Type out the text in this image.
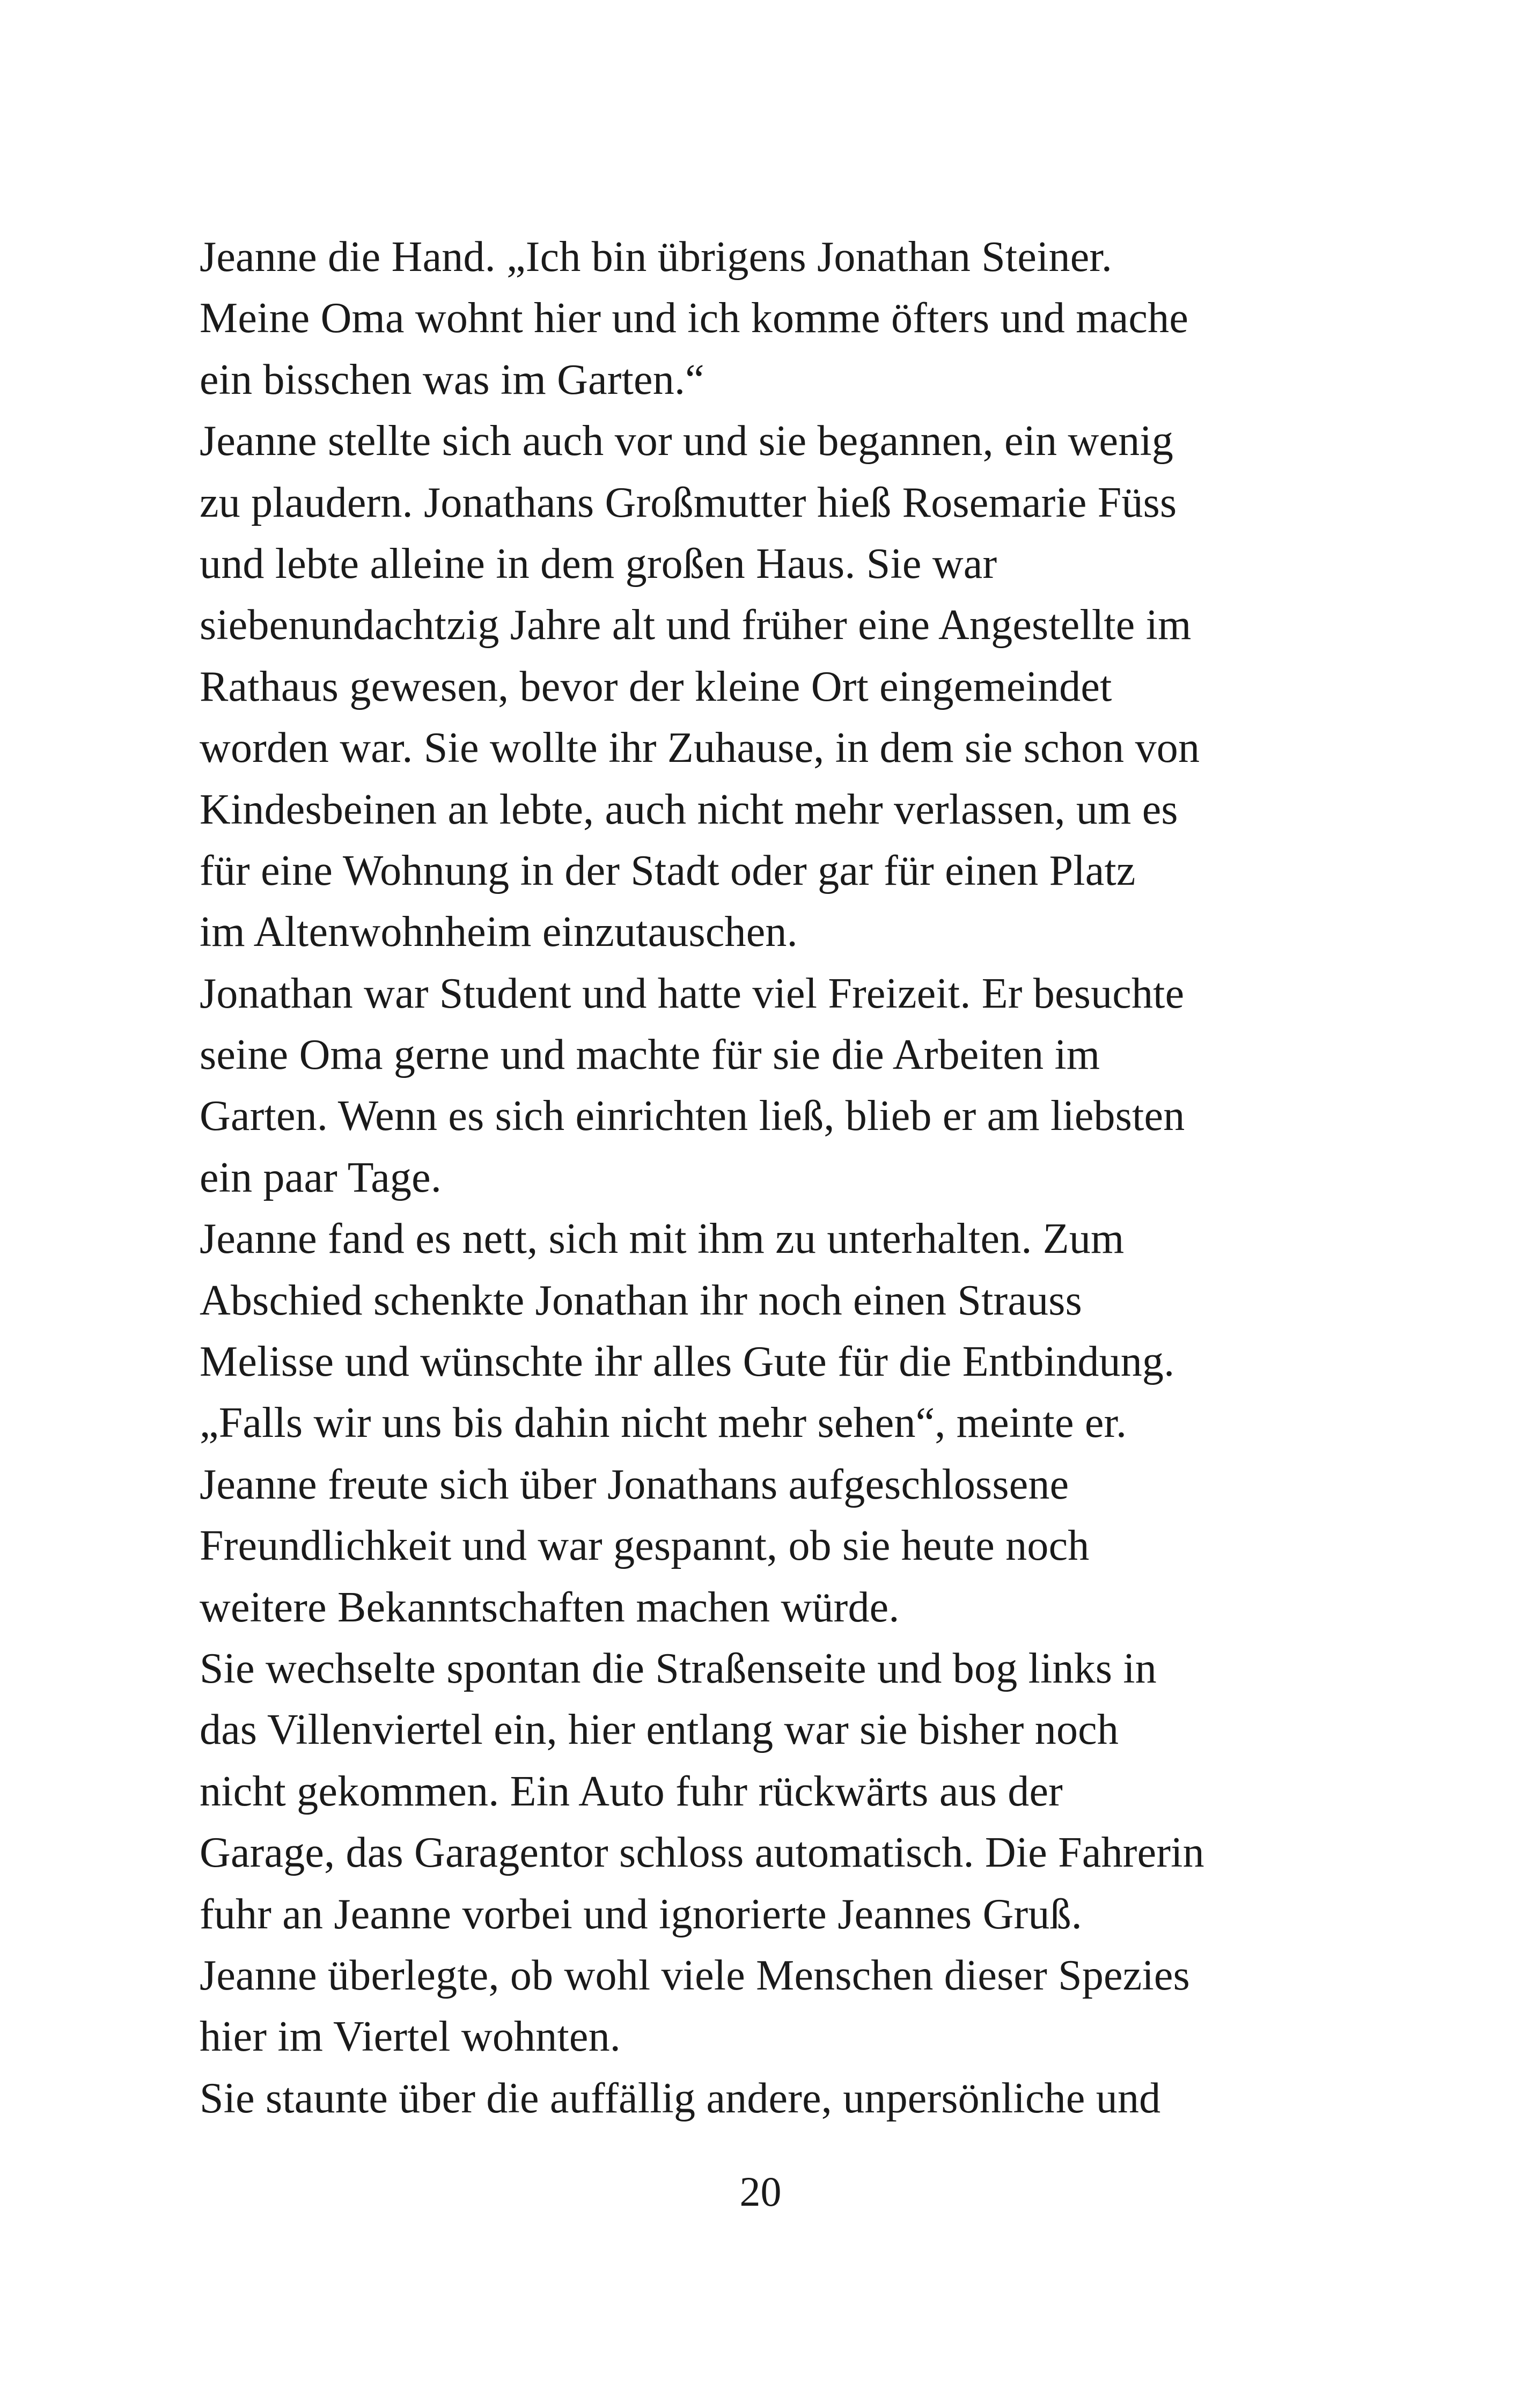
Jeanne die Hand. „Ich bin übrigens Jonathan Steiner.
Meine Oma wohnt hier und ich komme öfters und mache
ein bisschen was im Garten.“
Jeanne stellte sich auch vor und sie begannen, ein wenig
zu plaudern. Jonathans Großmutter hieß Rosemarie Füss
und lebte alleine in dem großen Haus. Sie war
siebenundachtzig Jahre alt und früher eine Angestellte im
Rathaus gewesen, bevor der kleine Ort eingemeindet
worden war. Sie wollte ihr Zuhause, in dem sie schon von
Kindesbeinen an lebte, auch nicht mehr verlassen, um es
für eine Wohnung in der Stadt oder gar für einen Platz
im Altenwohnheim einzutauschen.
Jonathan war Student und hatte viel Freizeit. Er besuchte
seine Oma gerne und machte für sie die Arbeiten im
Garten. Wenn es sich einrichten ließ, blieb er am liebsten
ein paar Tage.
Jeanne fand es nett, sich mit ihm zu unterhalten. Zum
Abschied schenkte Jonathan ihr noch einen Strauss
Melisse und wünschte ihr alles Gute für die Entbindung.
„Falls wir uns bis dahin nicht mehr sehen“, meinte er.
Jeanne freute sich über Jonathans aufgeschlossene
Freundlichkeit und war gespannt, ob sie heute noch
weitere Bekanntschaften machen würde.
Sie wechselte spontan die Straßenseite und bog links in
das Villenviertel ein, hier entlang war sie bisher noch
nicht gekommen. Ein Auto fuhr rückwärts aus der
Garage, das Garagentor schloss automatisch. Die Fahrerin
fuhr an Jeanne vorbei und ignorierte Jeannes Gruß.
Jeanne überlegte, ob wohl viele Menschen dieser Spezies
hier im Viertel wohnten.
Sie staunte über die auffällig andere, unpersönliche und
20
